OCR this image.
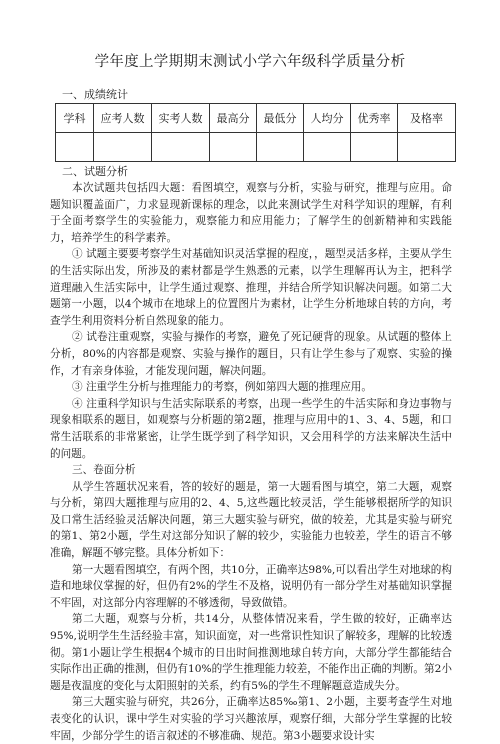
学年度上学期期末测试小学六年级科学质量分析
一、成绩统计
学科	应考人数	实考人数	最高分	最低分	人均分	优秀率	及格率

二、试题分析

本次试题共包括四大题：看图填空，观察与分析，实验与研究，推理与应用。命题知识覆盖面广，力求显现新课标的理念，以此来测试学生对科学知识的理解，有利于全面考察学生的实验能力，观察能力和应用能力；了解学生的创新精神和实践能力，培养学生的科学素养。

① 试题主要要考察学生对基础知识灵活掌握的程度，，题型灵活多样，主要从学生的生活实际出发，所涉及的素材都是学生熟悉的元素，以学生理解再认为主，把科学道理融入生活实际中，让学生通过观察、推理，并结合所学知识解决问题。如第二大题第一小题，以4个城市在地球上的位置图片为素材，让学生分析地球自转的方向，考查学生利用资料分析自然现象的能力。

② 试卷注重观察，实验与操作的考察，避免了死记硬背的现象。从试题的整体上分析，80%的内容都是观察、实验与操作的题目，只有让学生参与了观察、实验的操作，才有亲身体验，才能发现问题，解决问题。

③ 注重学生分析与推理能力的考察，例如第四大题的推理应用。

④ 注重科学知识与生活实际联系的考察，出现一些学生的牛活实际和身边事物与现象相联系的题目，如观察与分析题的第2题，推理与应用中的1、3、4、5题，和口常生活联系的非常紧密，让学生既学到了科学知识，又会用科学的方法来解决生活中的问题。

三、卷面分析

从学生答题状况来看，答的较好的题是，第一大题看图与填空，第二大题，观察与分析，第四大题推理与应用的2、4、5,这些题比较灵活，学生能够根据所学的知识及口常生活经验灵活解决问题，第三大题实验与研究，做的较差，尤其是实验与研究的第1、第2小题，学生对这部分知识了解的较少，实验能力也较差，学生的语言不够准确，解题不够完整。具体分析如下：

第一大题看图填空，有两个图，共10分，正确率达98%,可以看出学生对地球的构造和地球仪掌握的好，但仍有2%的学生不及格，说明仍有一部分学生对基础知识掌握不牢固，对这部分内容理解的不够透彻，导致做错。

第二大题，观察与分析，共14分，从整体情况来看，学生做的较好，正确率达95%,说明学生生活经验丰富，知识面宽，对一些常识性知识了解较多，理解的比较透彻。第1小题让学生根据4个城市的日出时间推测地球自转方向，大部分学生都能结合实际作出正确的推测，但仍有10%的学生推理能力较差，不能作出正确的判断。第2小题是夜温度的变化与太阳照射的关系，约有5%的学生不理解题意造成失分。

第三大题实验与研究，共26分，正确率达85‰第1、2小题，主要考查学生对地表变化的认识，课中学生对实验的学习兴趣浓厚，观察仔细，大部分学生掌握的比较牢固，少部分学生的语言叙述的不够准确、规范。第3小题要求设计实
